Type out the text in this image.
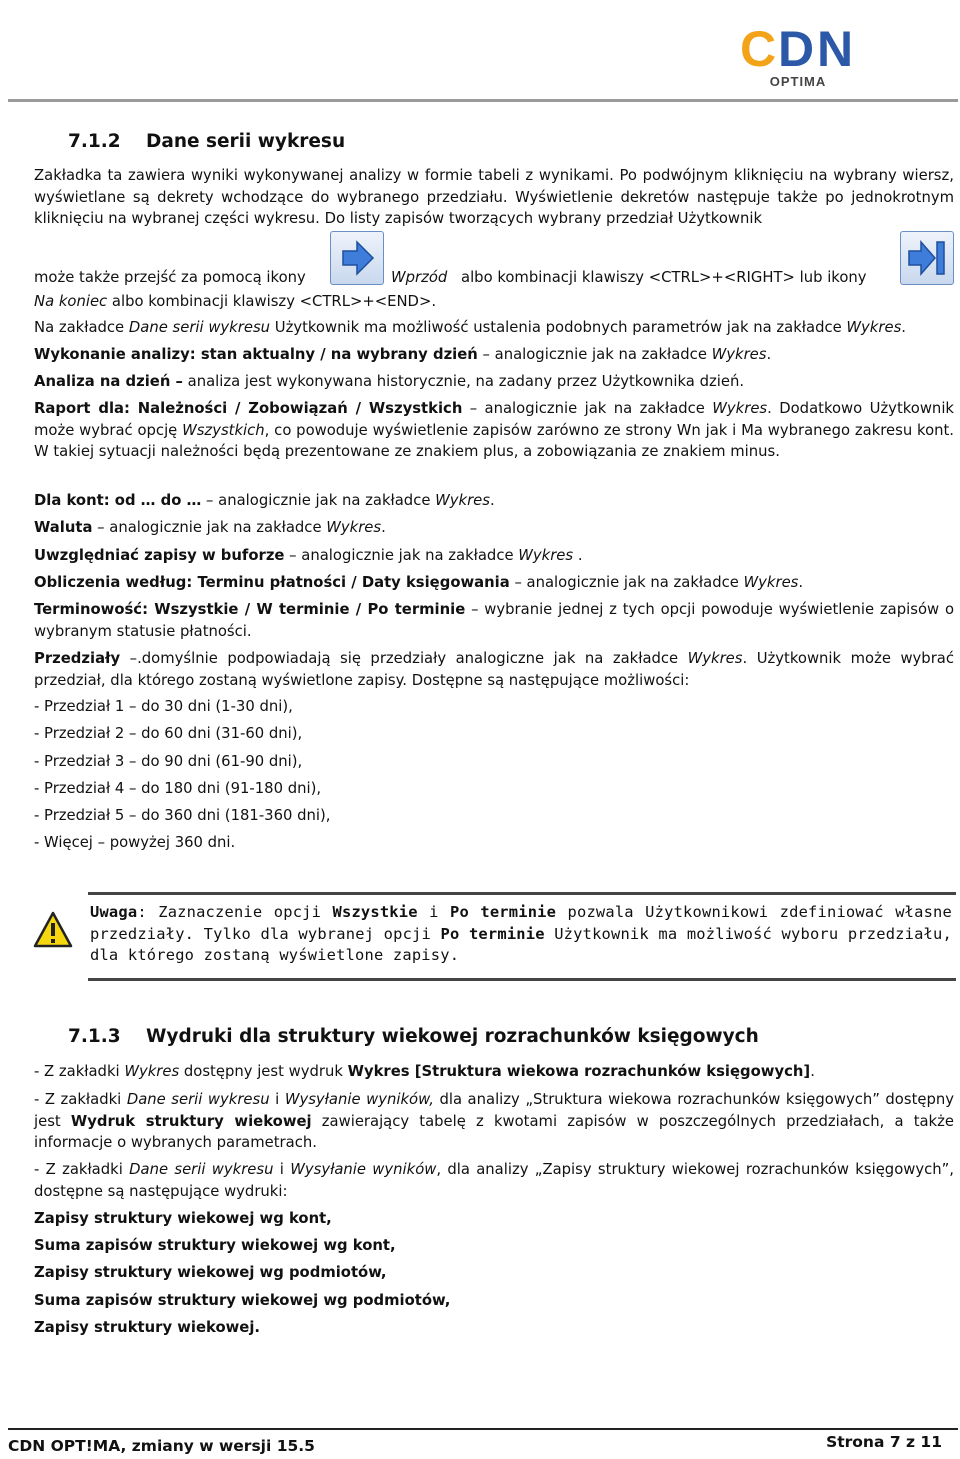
C D N
OPTIMA
7.1.2 Dane serii wykresu

Zakładka ta zawiera wyniki wykonywanej analizy w formie tabeli z wynikami. Po podwójnym kliknięciu na wybrany wiersz, wyświetlane są dekrety wchodzące do wybranego przedziału. Wyświetlenie dekretów następuje także po jednokrotnym kliknięciu na wybranej części wykresu. Do listy zapisów tworzących wybrany przedział Użytkownik

może także przejść za pomocą ikony	Wprzód albo kombinacji klawiszy <CTRL>+<RIGHT> lub ikony

Na koniec albo kombinacji klawiszy <CTRL>+<END>.

Na zakładce Dane serii wykresu Użytkownik ma możliwość ustalenia podobnych parametrów jak na zakładce Wykres.

Wykonanie analizy: stan aktualny / na wybrany dzień – analogicznie jak na zakładce Wykres.

Analiza na dzień – analiza jest wykonywana historycznie, na zadany przez Użytkownika dzień.

Raport dla: Należności / Zobowiązań / Wszystkich – analogicznie jak na zakładce Wykres. Dodatkowo Użytkownik może wybrać opcję Wszystkich, co powoduje wyświetlenie zapisów zarówno ze strony Wn jak i Ma wybranego zakresu kont. W takiej sytuacji należności będą prezentowane ze znakiem plus, a zobowiązania ze znakiem minus.

Dla kont: od … do … – analogicznie jak na zakładce Wykres.

Waluta – analogicznie jak na zakładce Wykres.

Uwzględniać zapisy w buforze – analogicznie jak na zakładce Wykres .

Obliczenia według: Terminu płatności / Daty księgowania – analogicznie jak na zakładce Wykres.

Terminowość: Wszystkie / W terminie / Po terminie – wybranie jednej z tych opcji powoduje wyświetlenie zapisów o wybranym statusie płatności.

Przedziały –.domyślnie podpowiadają się przedziały analogiczne jak na zakładce Wykres. Użytkownik może wybrać przedział, dla którego zostaną wyświetlone zapisy. Dostępne są następujące możliwości:

- Przedział 1 – do 30 dni (1-30 dni),

- Przedział 2 – do 60 dni (31-60 dni),

- Przedział 3 – do 90 dni (61-90 dni),

- Przedział 4 – do 180 dni (91-180 dni),

- Przedział 5 – do 360 dni (181-360 dni),

- Więcej – powyżej 360 dni.

Uwaga: Zaznaczenie opcji Wszystkie i Po terminie pozwala Użytkownikowi zdefiniować własne przedziały. Tylko dla wybranej opcji Po terminie Użytkownik ma możliwość wyboru przedziału, dla którego zostaną wyświetlone zapisy.

7.1.3 Wydruki dla struktury wiekowej rozrachunków księgowych

- Z zakładki Wykres dostępny jest wydruk Wykres [Struktura wiekowa rozrachunków księgowych].

- Z zakładki Dane serii wykresu i Wysyłanie wyników, dla analizy „Struktura wiekowa rozrachunków księgowych” dostępny jest Wydruk struktury wiekowej zawierający tabelę z kwotami zapisów w poszczególnych przedziałach, a także informacje o wybranych parametrach.

- Z zakładki Dane serii wykresu i Wysyłanie wyników, dla analizy „Zapisy struktury wiekowej rozrachunków księgowych”, dostępne są następujące wydruki:

Zapisy struktury wiekowej wg kont,

Suma zapisów struktury wiekowej wg kont,

Zapisy struktury wiekowej wg podmiotów,

Suma zapisów struktury wiekowej wg podmiotów,

Zapisy struktury wiekowej.

CDN OPT!MA, zmiany w wersji 15.5	Strona 7 z 11
